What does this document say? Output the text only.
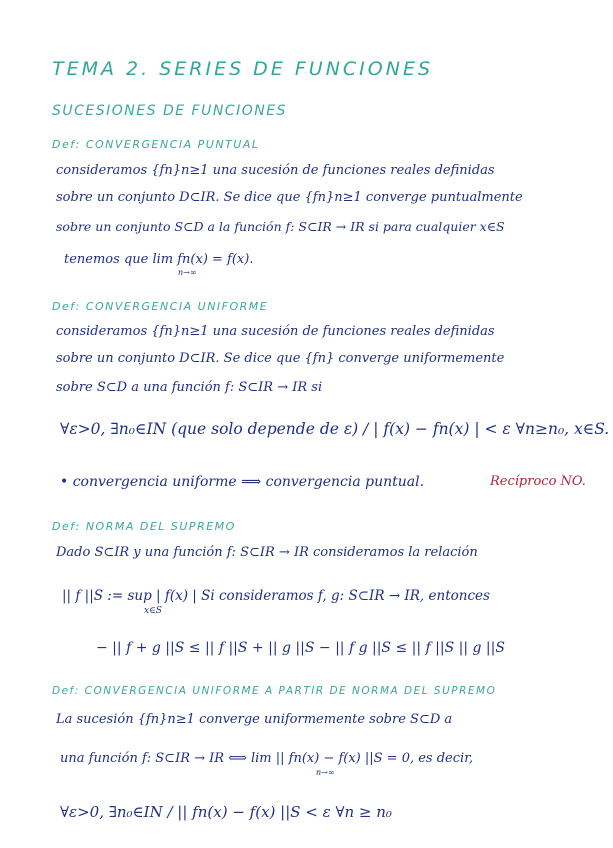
TEMA 2. SERIES DE FUNCIONES
SUCESIONES DE FUNCIONES
Def: CONVERGENCIA PUNTUAL
consideramos {fn}n≥1 una sucesión de funciones reales definidas
sobre un conjunto D⊂IR. Se dice que {fn}n≥1 converge puntualmente
sobre un conjunto S⊂D a la función f: S⊂IR → IR si para cualquier x∈S
tenemos que lim fn(x) = f(x).
n→∞
Def: CONVERGENCIA UNIFORME
consideramos {fn}n≥1 una sucesión de funciones reales definidas
sobre un conjunto D⊂IR. Se dice que {fn} converge uniformemente
sobre S⊂D a una función f: S⊂IR → IR si
∀ε>0, ∃n₀∈IN (que solo depende de ε) / | f(x) − fn(x) | < ε ∀n≥n₀, x∈S.
• convergencia uniforme ⟹ convergencia puntual.	Recíproco NO.
Def: NORMA DEL SUPREMO
Dado S⊂IR y una función f: S⊂IR → IR consideramos la relación
|| f ||S := sup | f(x) | Si consideramos f, g: S⊂IR → IR, entonces
x∈S
− || f + g ||S ≤ || f ||S + || g ||S − || f g ||S ≤ || f ||S || g ||S
Def: CONVERGENCIA UNIFORME A PARTIR DE NORMA DEL SUPREMO
La sucesión {fn}n≥1 converge uniformemente sobre S⊂D a
una función f: S⊂IR → IR ⟺ lim || fn(x) − f(x) ||S = 0, es decir,
n→∞
∀ε>0, ∃n₀∈IN / || fn(x) − f(x) ||S < ε ∀n ≥ n₀
